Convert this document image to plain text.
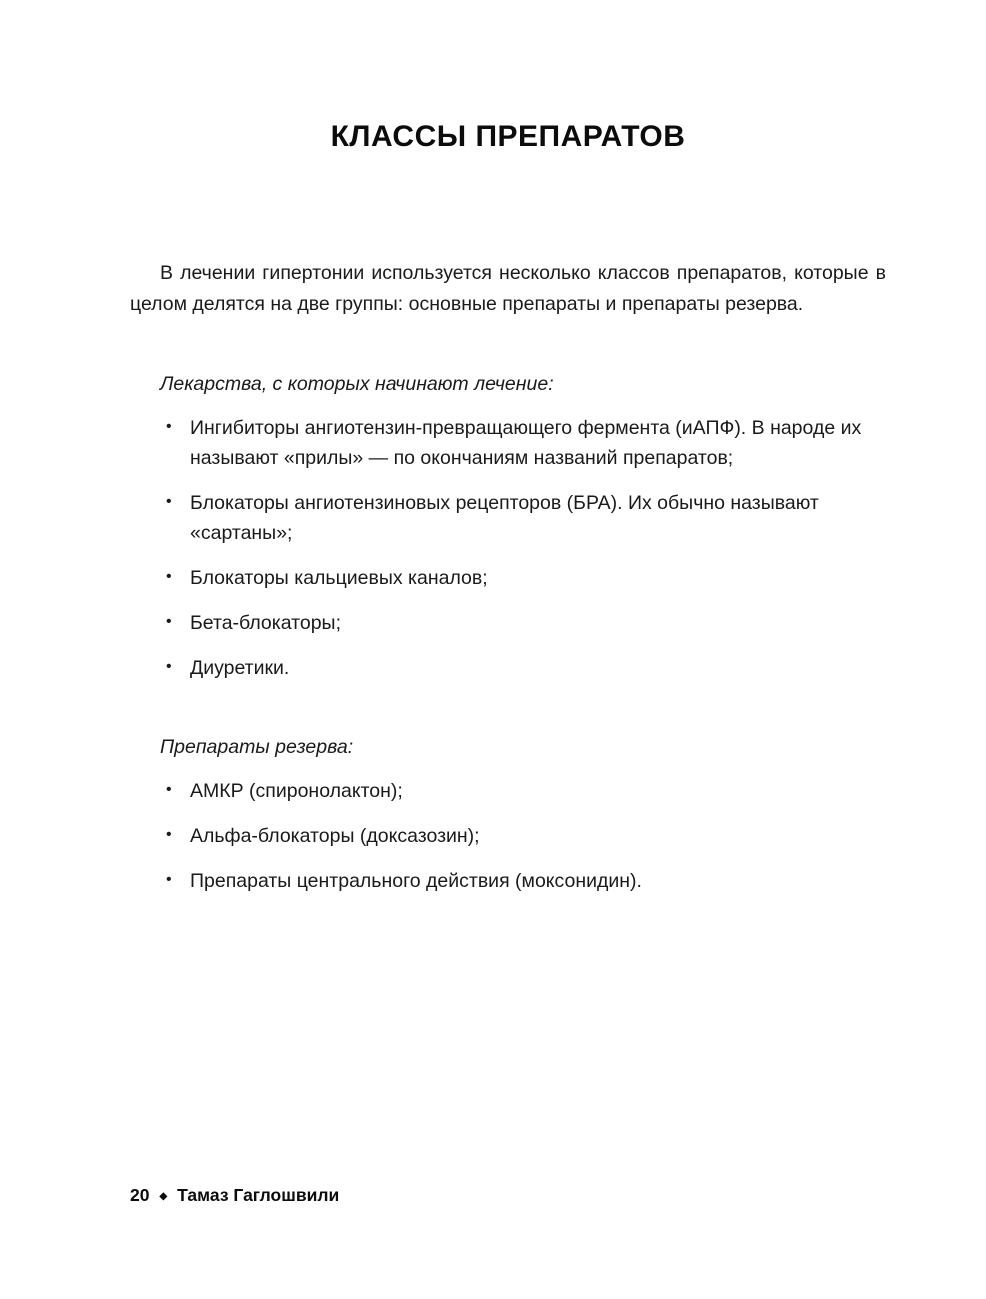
КЛАССЫ ПРЕПАРАТОВ

В лечении гипертонии используется несколько классов препаратов, которые в целом делятся на две группы: основные препараты и препараты резерва.

Лекарства, с которых начинают лечение:

• Ингибиторы ангиотензин-превращающего фермента (иАПФ). В народе их называют «прилы» — по окончаниям названий препаратов;
• Блокаторы ангиотензиновых рецепторов (БРА). Их обычно называют «сартаны»;
• Блокаторы кальциевых каналов;
• Бета-блокаторы;
• Диуретики.

Препараты резерва:

• АМКР (спиронолактон);
• Альфа-блокаторы (доксазозин);
• Препараты центрального действия (моксонидин).
20 ◆ Тамаз Гаглошвили
